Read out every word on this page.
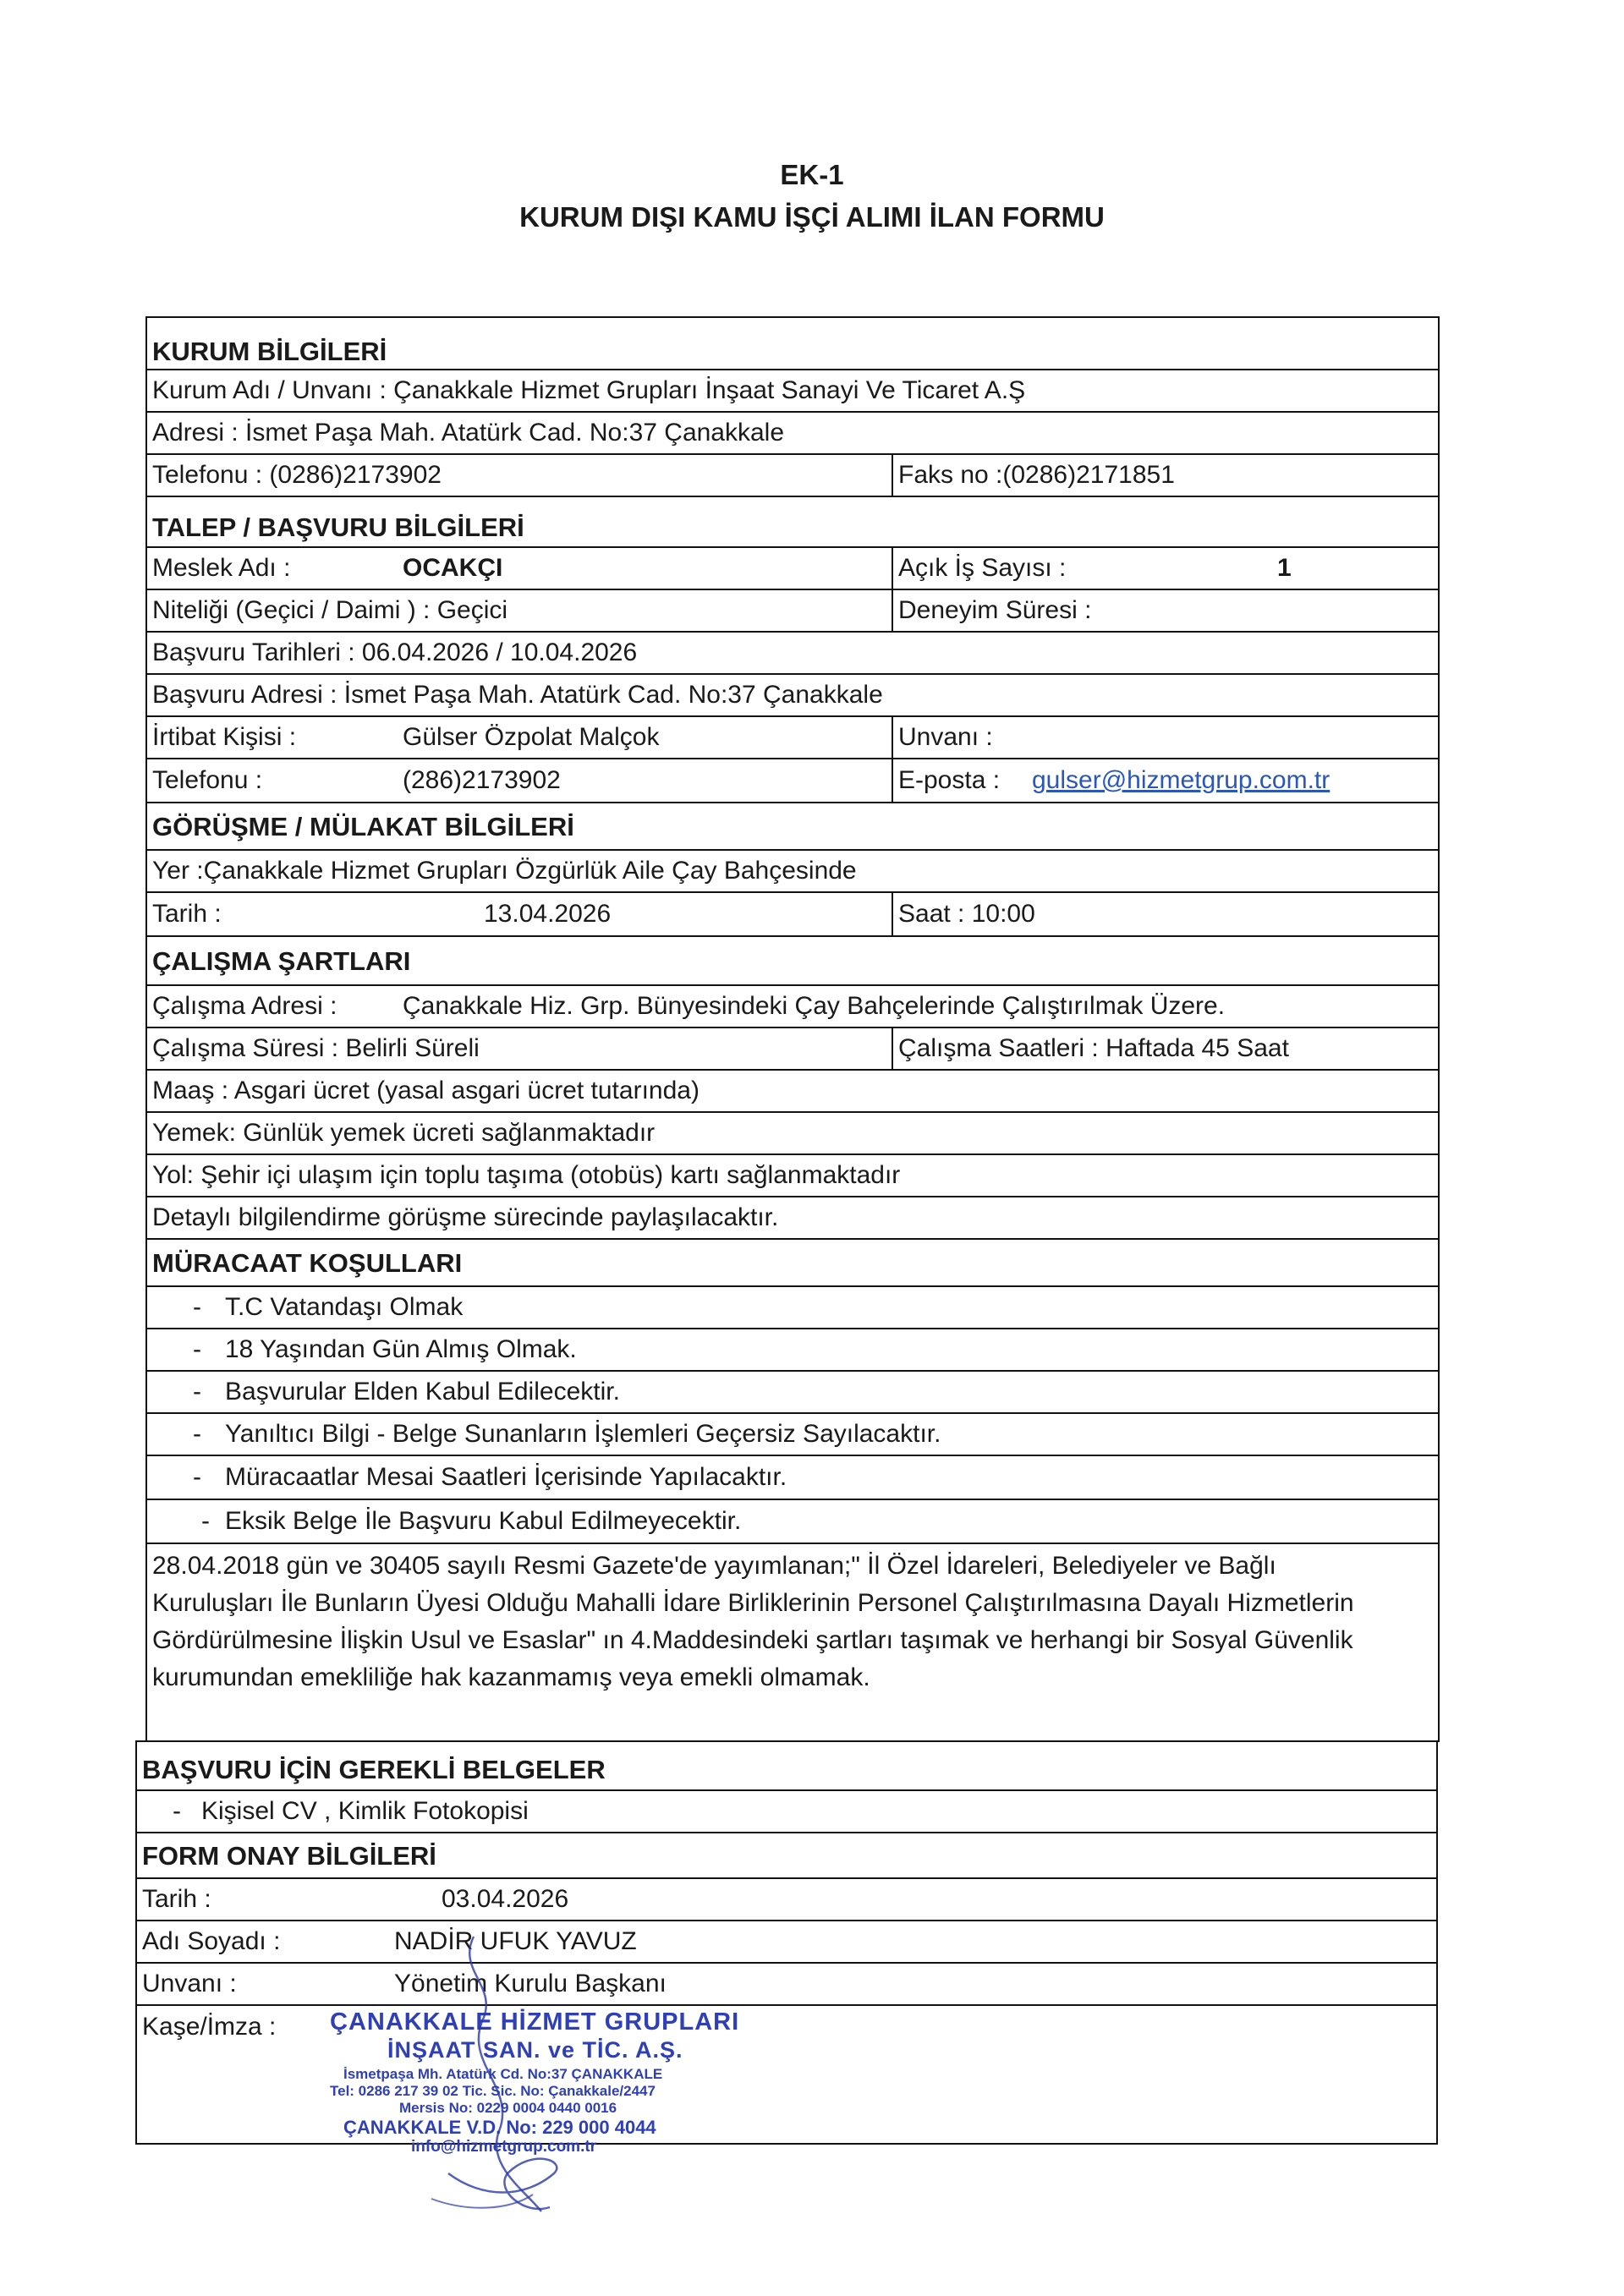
EK-1
KURUM DIŞI KAMU İŞÇİ ALIMI İLAN FORMU
KURUM BİLGİLERİ
Kurum Adı / Unvanı : Çanakkale Hizmet Grupları İnşaat Sanayi Ve Ticaret A.Ş
Adresi : İsmet Paşa Mah. Atatürk Cad. No:37 Çanakkale
Telefonu : (0286)2173902	Faks no :(0286)2171851
TALEP / BAŞVURU BİLGİLERİ
Meslek Adı :	OCAKÇI	Açık İş Sayısı :	1
Niteliği (Geçici / Daimi ) : Geçici	Deneyim Süresi :
Başvuru Tarihleri : 06.04.2026 / 10.04.2026
Başvuru Adresi : İsmet Paşa Mah. Atatürk Cad. No:37 Çanakkale
İrtibat Kişisi :	Gülser Özpolat Malçok	Unvanı :
Telefonu :	(286)2173902	E-posta : gulser@hizmetgrup.com.tr
GÖRÜŞME / MÜLAKAT BİLGİLERİ
Yer :Çanakkale Hizmet Grupları Özgürlük Aile Çay Bahçesinde
Tarih :	13.04.2026	Saat : 10:00
ÇALIŞMA ŞARTLARI
Çalışma Adresi :	Çanakkale Hiz. Grp. Bünyesindeki Çay Bahçelerinde Çalıştırılmak Üzere.
Çalışma Süresi : Belirli Süreli	Çalışma Saatleri : Haftada 45 Saat
Maaş : Asgari ücret (yasal asgari ücret tutarında)
Yemek: Günlük yemek ücreti sağlanmaktadır
Yol: Şehir içi ulaşım için toplu taşıma (otobüs) kartı sağlanmaktadır
Detaylı bilgilendirme görüşme sürecinde paylaşılacaktır.
MÜRACAAT KOŞULLARI
- T.C Vatandaşı Olmak
- 18 Yaşından Gün Almış Olmak.
- Başvurular Elden Kabul Edilecektir.
- Yanıltıcı Bilgi - Belge Sunanların İşlemleri Geçersiz Sayılacaktır.
- Müracaatlar Mesai Saatleri İçerisinde Yapılacaktır.
- Eksik Belge İle Başvuru Kabul Edilmeyecektir.
28.04.2018 gün ve 30405 sayılı Resmi Gazete'de yayımlanan;" İl Özel İdareleri, Belediyeler ve Bağlı
Kuruluşları İle Bunların Üyesi Olduğu Mahalli İdare Birliklerinin Personel Çalıştırılmasına Dayalı Hizmetlerin
Gördürülmesine İlişkin Usul ve Esaslar" ın 4.Maddesindeki şartları taşımak ve herhangi bir Sosyal Güvenlik
kurumundan emekliliğe hak kazanmamış veya emekli olmamak.
BAŞVURU İÇİN GEREKLİ BELGELER
- Kişisel CV , Kimlik Fotokopisi
FORM ONAY BİLGİLERİ
Tarih :	03.04.2026
Adı Soyadı :	NADİR UFUK YAVUZ
Unvanı :	Yönetim Kurulu Başkanı
Kaşe/İmza : ÇANAKKALE HİZMET GRUPLARI
İNŞAAT SAN. ve TİC. A.Ş.
İsmetpaşa Mh. Atatürk Cd. No:37 ÇANAKKALE
Tel: 0286 217 39 02 Tic. Sic. No: Çanakkale/2447
Mersis No: 0229 0004 0440 0016
ÇANAKKALE V.D. No: 229 000 4044
info@hizmetgrup.com.tr
